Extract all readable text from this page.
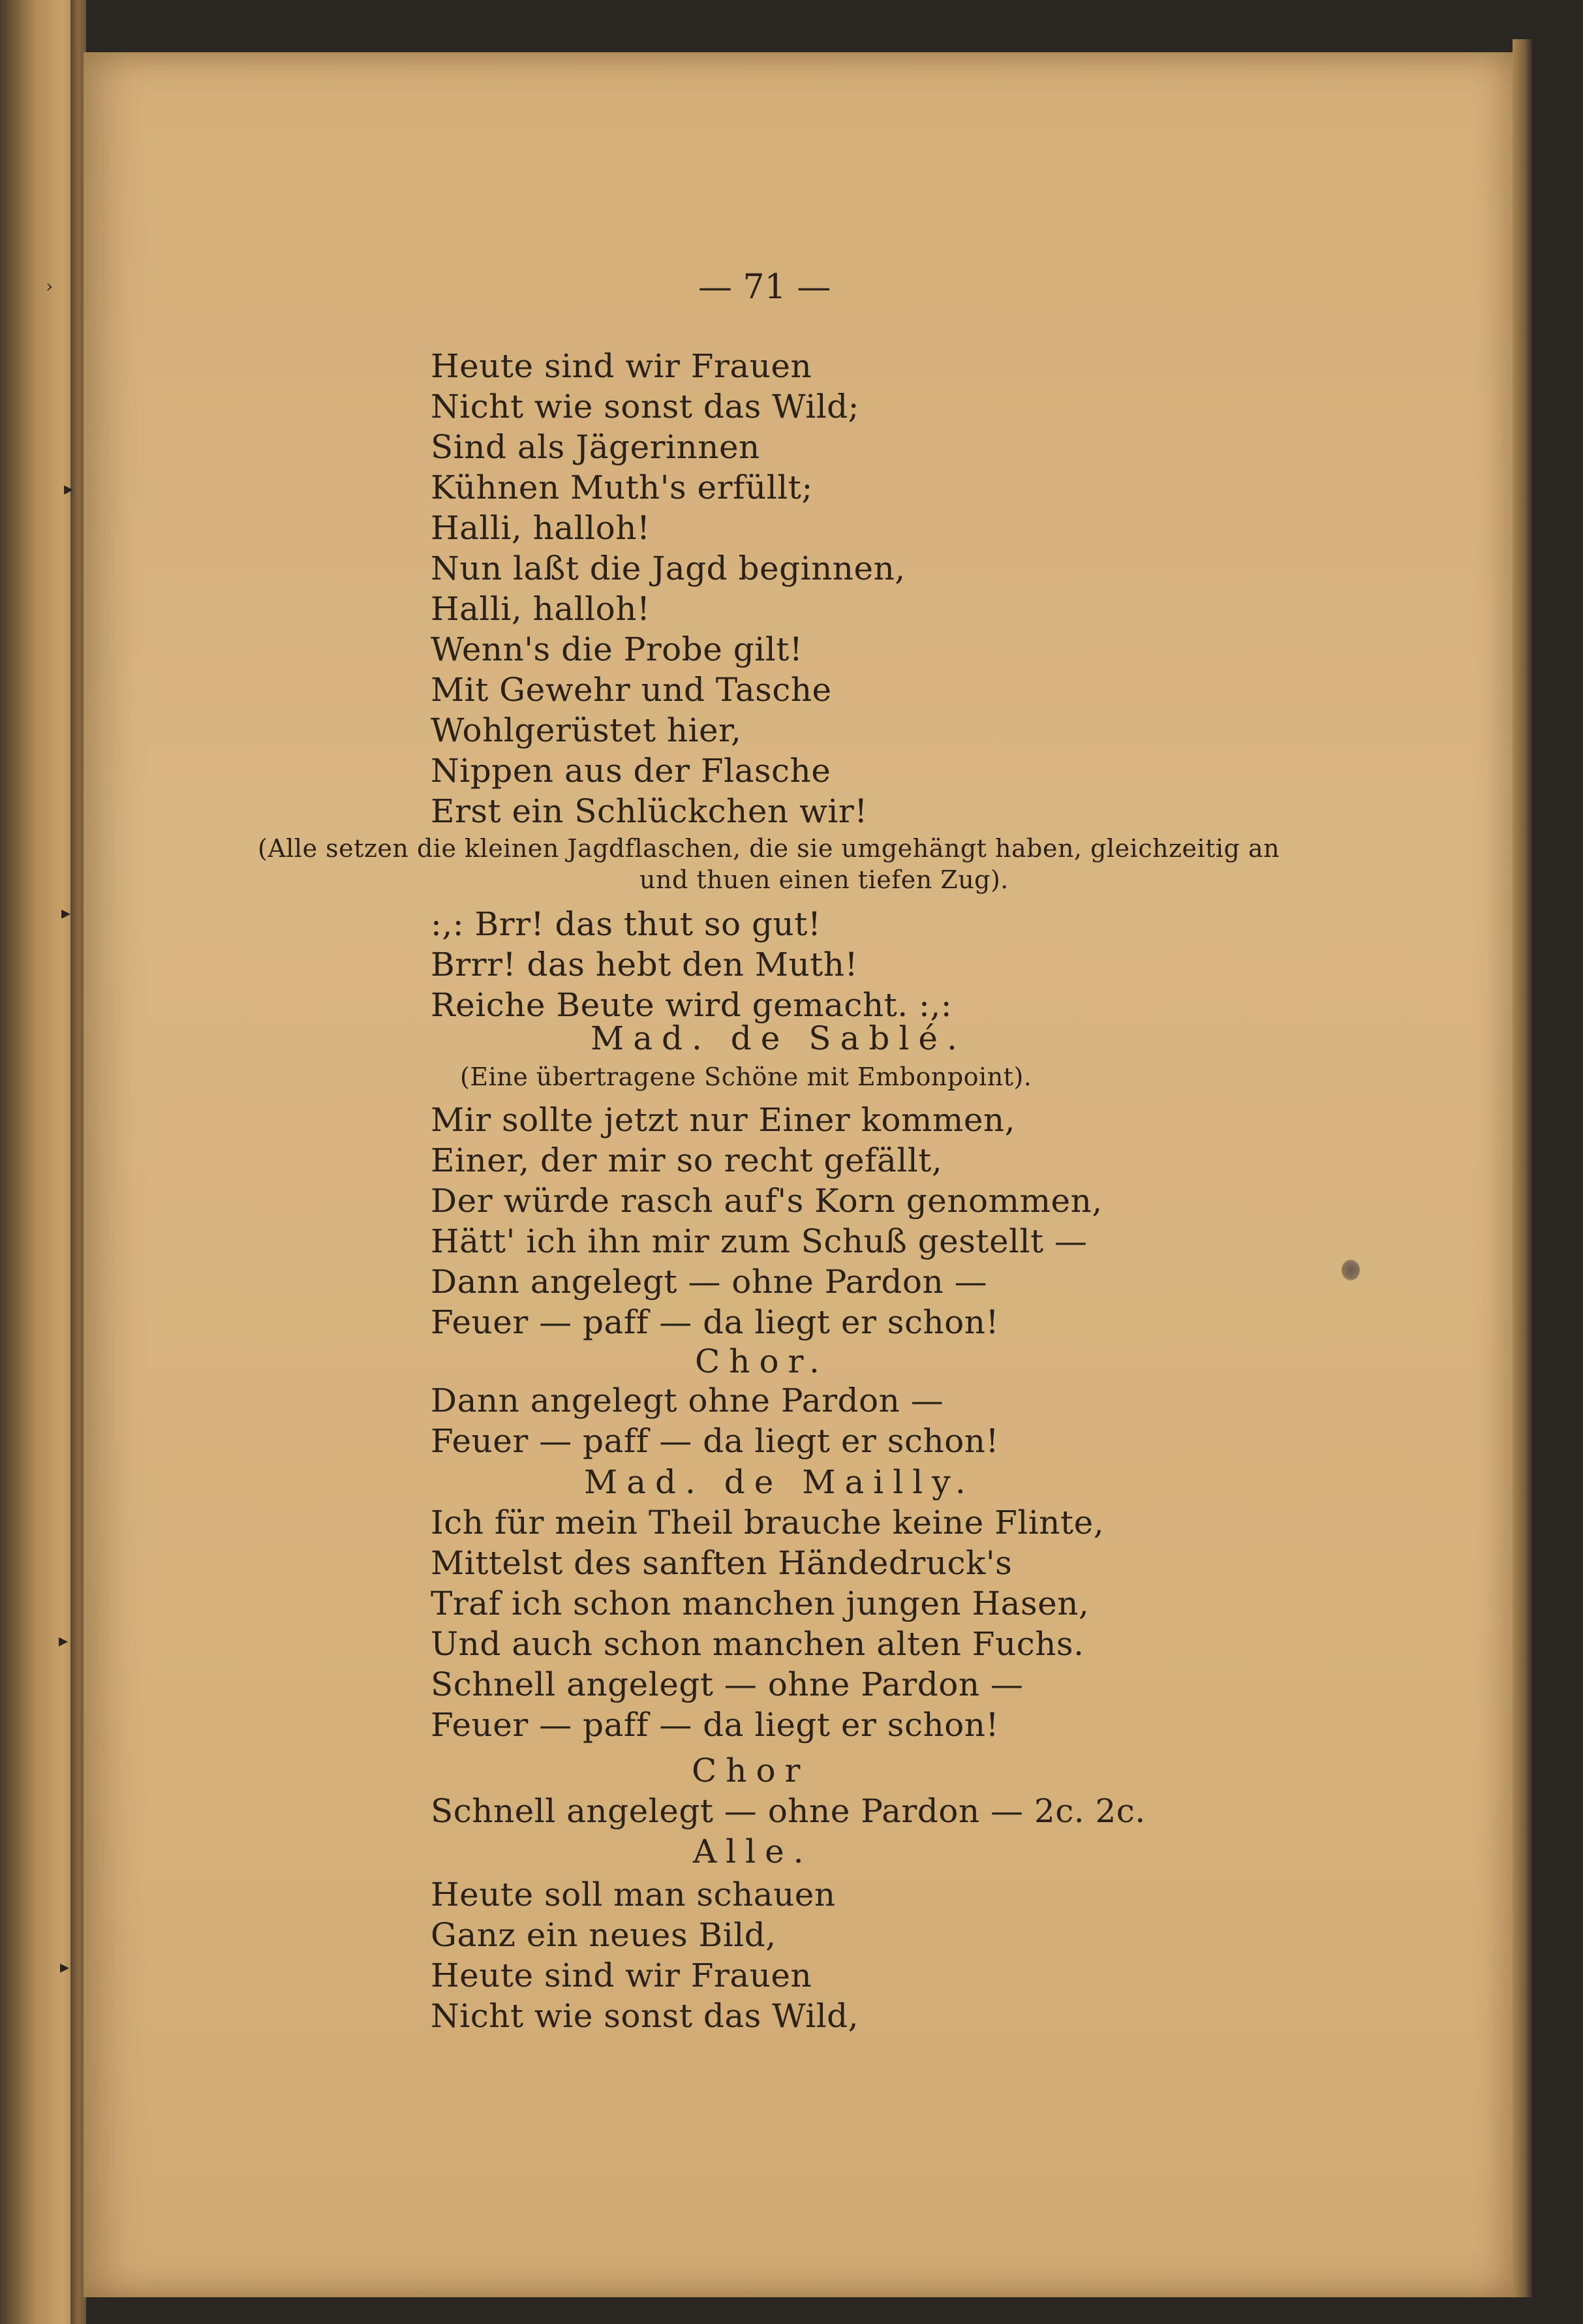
›
▸
▸
▸
▸
— 71 —
Heute sind wir Frauen
Nicht wie sonst das Wild;
Sind als Jägerinnen
Kühnen Muth's erfüllt;
Halli, halloh!
Nun laßt die Jagd beginnen,
Halli, halloh!
Wenn's die Probe gilt!
Mit Gewehr und Tasche
Wohlgerüstet hier,
Nippen aus der Flasche
Erst ein Schlückchen wir!
(Alle setzen die kleinen Jagdflaschen, die sie umgehängt haben, gleichzeitig an
und thuen einen tiefen Zug).
:,: Brr! das thut so gut!
Brrr! das hebt den Muth!
Reiche Beute wird gemacht. :,:
Mad. de Sablé.
(Eine übertragene Schöne mit Embonpoint).
Mir sollte jetzt nur Einer kommen,
Einer, der mir so recht gefällt,
Der würde rasch auf's Korn genommen,
Hätt' ich ihn mir zum Schuß gestellt —
Dann angelegt — ohne Pardon —
Feuer — paff — da liegt er schon!
Chor.
Dann angelegt ohne Pardon —
Feuer — paff — da liegt er schon!
Mad. de Mailly.
Ich für mein Theil brauche keine Flinte,
Mittelst des sanften Händedruck's
Traf ich schon manchen jungen Hasen,
Und auch schon manchen alten Fuchs.
Schnell angelegt — ohne Pardon —
Feuer — paff — da liegt er schon!
Chor
Schnell angelegt — ohne Pardon — 2c. 2c.
Alle.
Heute soll man schauen
Ganz ein neues Bild,
Heute sind wir Frauen
Nicht wie sonst das Wild,
